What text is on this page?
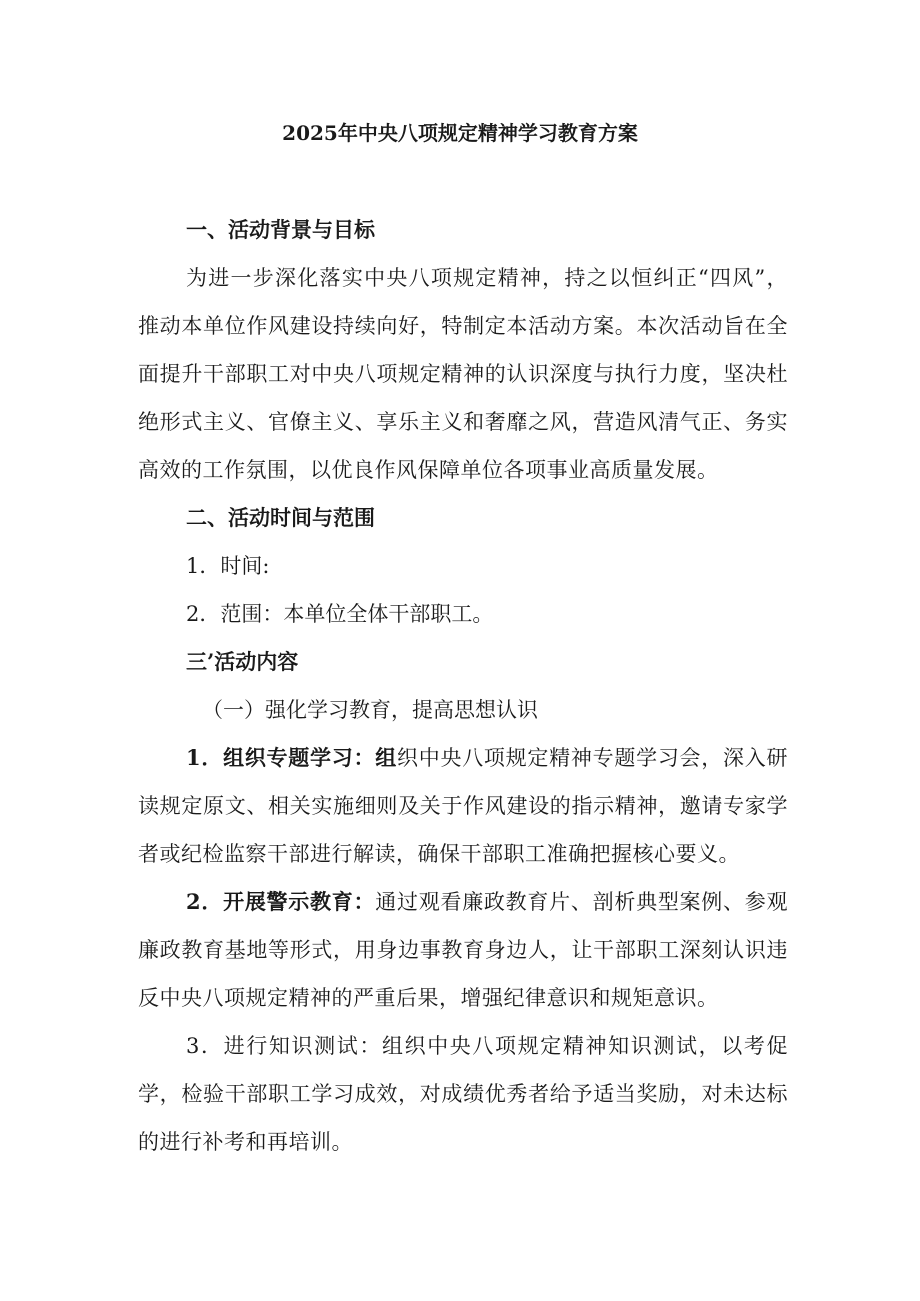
2025年中央八项规定精神学习教育方案

一、活动背景与目标

为进一步深化落实中央八项规定精神，持之以恒纠正“四风”，推动本单位作风建设持续向好，特制定本活动方案。本次活动旨在全面提升干部职工对中央八项规定精神的认识深度与执行力度，坚决杜绝形式主义、官僚主义、享乐主义和奢靡之风，营造风清气正、务实高效的工作氛围，以优良作风保障单位各项事业高质量发展。

二、活动时间与范围

1．时间:

2．范围：本单位全体干部职工。

三’活动内容

（一）强化学习教育，提高思想认识

1．组织专题学习：组织中央八项规定精神专题学习会，深入研读规定原文、相关实施细则及关于作风建设的指示精神，邀请专家学者或纪检监察干部进行解读，确保干部职工准确把握核心要义。

2．开展警示教育：通过观看廉政教育片、剖析典型案例、参观廉政教育基地等形式，用身边事教育身边人，让干部职工深刻认识违反中央八项规定精神的严重后果，增强纪律意识和规矩意识。

3．进行知识测试：组织中央八项规定精神知识测试，以考促学，检验干部职工学习成效，对成绩优秀者给予适当奖励，对未达标的进行补考和再培训。
